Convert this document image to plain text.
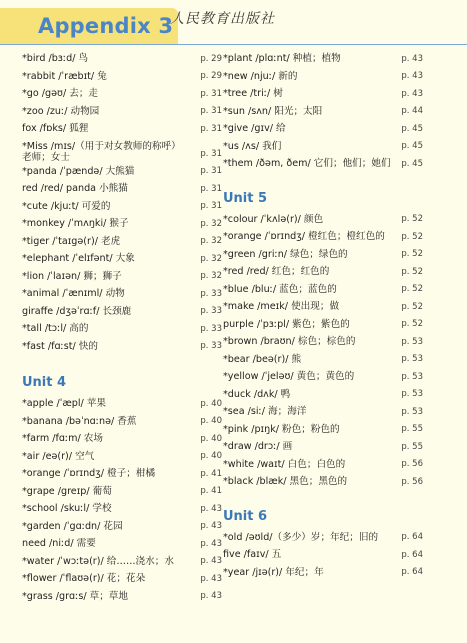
Appendix 3
人民教育出版社
*bird /bɜːd/ 鸟	p. 29
*rabbit /ˈræbɪt/ 兔	p. 29
*go /gəʊ/ 去；走	p. 31
*zoo /zuː/ 动物园	p. 31
fox /fɒks/ 狐狸	p. 31
*Miss /mɪs/（用于对女教师的称呼）老师；女士	p. 31
*panda /ˈpændə/ 大熊猫	p. 31
red /red/ panda 小熊猫	p. 31
*cute /kjuːt/ 可爱的	p. 31
*monkey /ˈmʌŋki/ 猴子	p. 32
*tiger /ˈtaɪgə(r)/ 老虎	p. 32
*elephant /ˈelɪfənt/ 大象	p. 32
*lion /ˈlaɪən/ 狮；狮子	p. 32
*animal /ˈænɪml/ 动物	p. 33
giraffe /dʒəˈrɑːf/ 长颈鹿	p. 33
*tall /tɔːl/ 高的	p. 33
*fast /fɑːst/ 快的	p. 33
Unit 4
*apple /ˈæpl/ 苹果	p. 40
*banana /bəˈnɑːnə/ 香蕉	p. 40
*farm /fɑːm/ 农场	p. 40
*air /eə(r)/ 空气	p. 40
*orange /ˈɒrɪndʒ/ 橙子；柑橘	p. 41
*grape /greɪp/ 葡萄	p. 41
*school /skuːl/ 学校	p. 43
*garden /ˈgɑːdn/ 花园	p. 43
need /niːd/ 需要	p. 43
*water /ˈwɔːtə(r)/ 给……浇水；水	p. 43
*flower /ˈflaʊə(r)/ 花；花朵	p. 43
*grass /grɑːs/ 草；草地	p. 43
*plant /plɑːnt/ 种植；植物	p. 43
*new /njuː/ 新的	p. 43
*tree /triː/ 树	p. 43
*sun /sʌn/ 阳光；太阳	p. 44
*give /gɪv/ 给	p. 45
*us /ʌs/ 我们	p. 45
*them /ðəm, ðem/ 它们；他们；她们 p. 45
Unit 5
*colour /ˈkʌlə(r)/ 颜色	p. 52
*orange /ˈɒrɪndʒ/ 橙红色；橙红色的	p. 52
*green /griːn/ 绿色；绿色的	p. 52
*red /red/ 红色；红色的	p. 52
*blue /bluː/ 蓝色；蓝色的	p. 52
*make /meɪk/ 使出现；做	p. 52
purple /ˈpɜːpl/ 紫色；紫色的	p. 52
*brown /braʊn/ 棕色；棕色的	p. 53
*bear /beə(r)/ 熊	p. 53
*yellow /ˈjeləʊ/ 黄色；黄色的	p. 53
*duck /dʌk/ 鸭	p. 53
*sea /siː/ 海；海洋	p. 53
*pink /pɪŋk/ 粉色；粉色的	p. 55
*draw /drɔː/ 画	p. 55
*white /waɪt/ 白色；白色的	p. 56
*black /blæk/ 黑色；黑色的	p. 56
Unit 6
*old /əʊld/（多少）岁；年纪；旧的	p. 64
five /faɪv/ 五	p. 64
*year /jɪə(r)/ 年纪；年	p. 64
